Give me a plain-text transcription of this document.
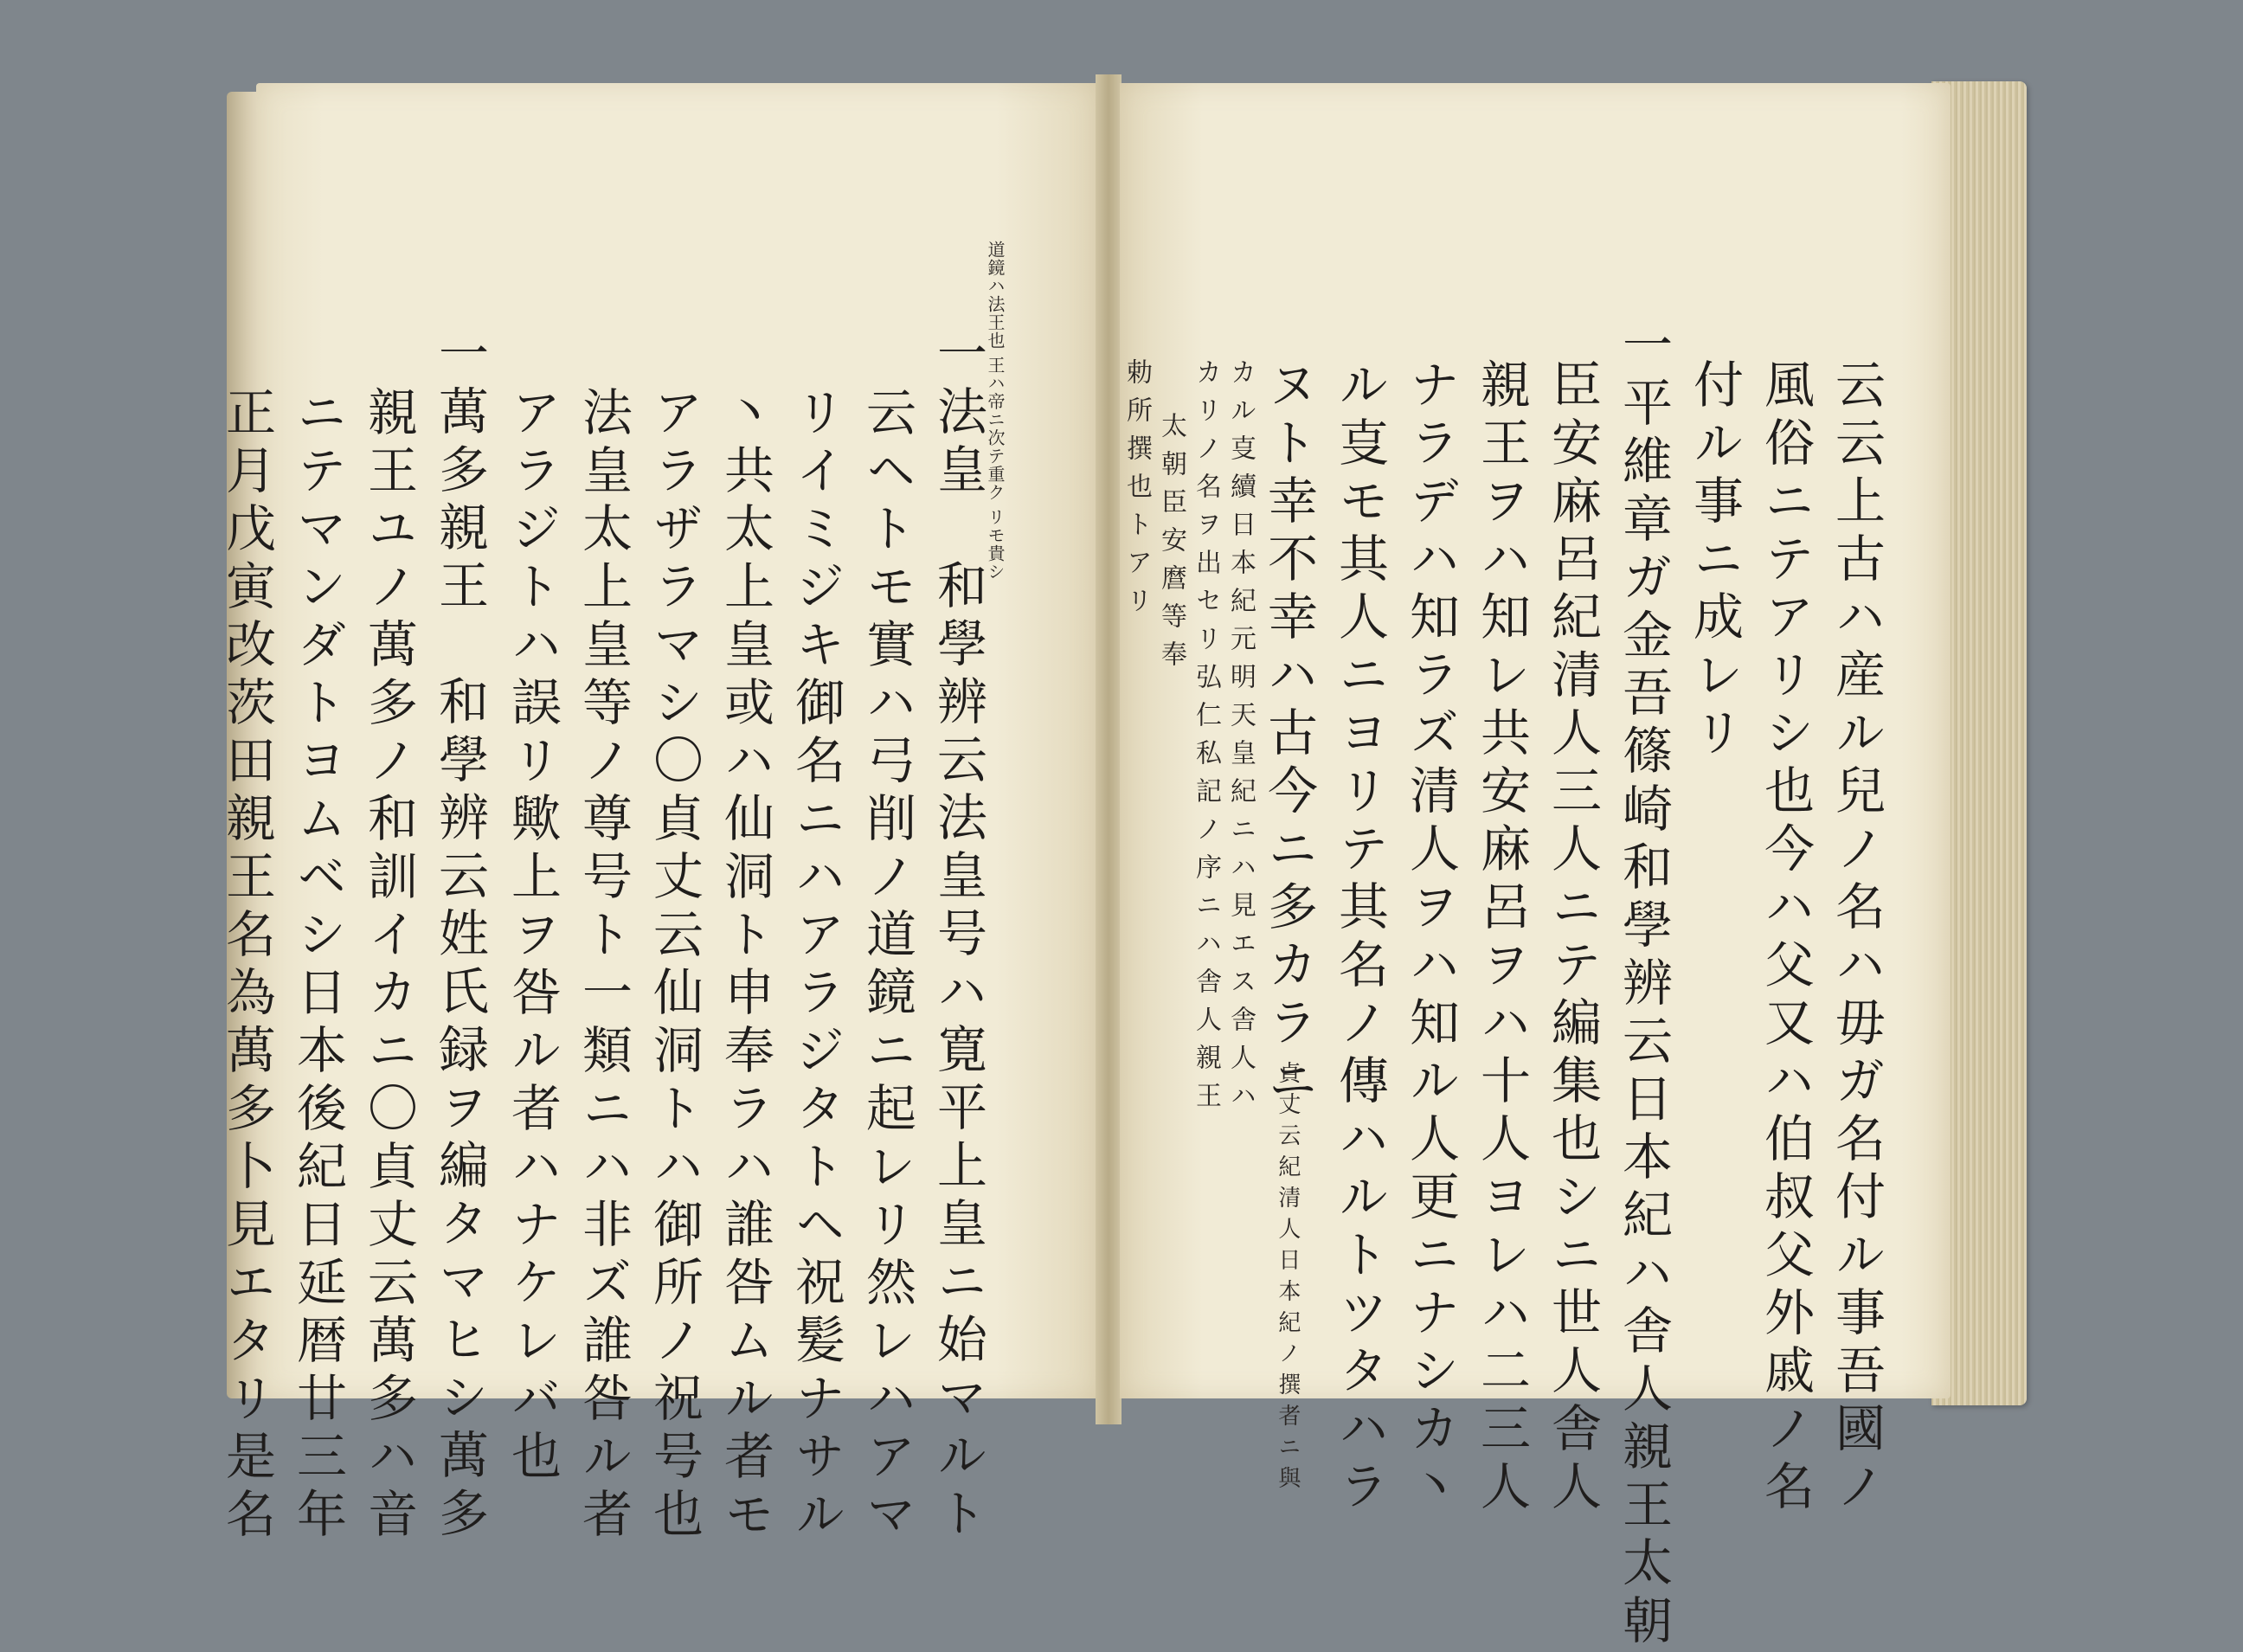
道鏡ハ法王也 王ハ帝ニ次テ重ク リモ貴シ
一法皇　和學辨云法皇号ハ寛平上皇ニ始マルト
云ヘトモ實ハ弓削ノ道鏡ニ起レリ然レハアマ
リイミジキ御名ニハアラジタトヘ祝髪ナサル
丶共太上皇或ハ仙洞ト申奉ラハ誰咎ムル者モ
アラザラマシ〇貞丈云仙洞トハ御所ノ祝号也
法皇太上皇等ノ尊号ト一類ニハ非ズ誰咎ル者
アラジトハ誤リ歟上ヲ咎ル者ハナケレバ也
一萬多親王　和學辨云姓氏録ヲ編タマヒシ萬多
親王ユノ萬多ノ和訓イカニ〇貞丈云萬多ハ音
ニテマンダトヨムベシ日本後紀日延暦廿三年
正月戊寅改茨田親王名為萬多卜見エタリ是名	云云上古ハ産ル兒ノ名ハ毋ガ名付ル事吾國ノ
風俗ニテアリシ也今ハ父又ハ伯叔父外戚ノ名
付ル事ニ成レリ
一平維章ガ金吾篠崎和學辨云日本紀ハ舎人親王太朝
臣安麻呂紀清人三人ニテ編集也シニ世人舎人
親王ヲハ知レ共安麻呂ヲハ十人ヨレハ二三人
ナラデハ知ラズ清人ヲハ知ル人更ニナシカ丶
ル㕝モ其人ニヨリテ其名ノ傳ハルトツタハラ
ヌト幸不幸ハ古今ニ多カラニ
貞丈云紀清人日本紀ノ撰者ニ與
カル㕝續日本紀元明天皇紀ニハ見エス舎人ハ
カリノ名ヲ出セリ弘仁私記ノ序ニハ舎人親王
太朝臣安麿等奉
勅所撰也トアリ
